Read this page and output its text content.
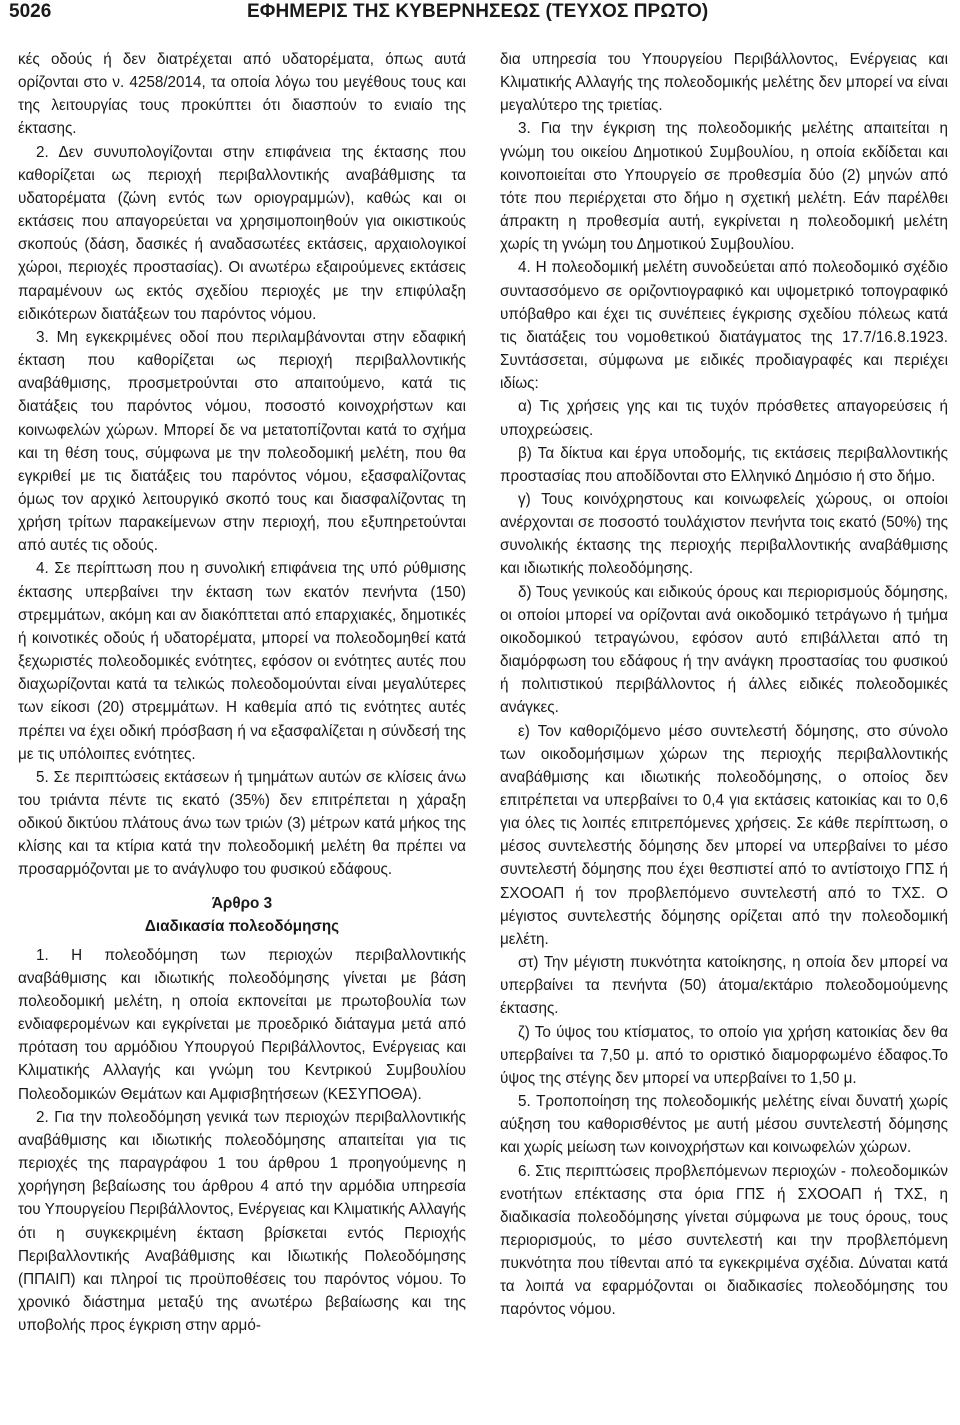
5026	ΕΦΗΜΕΡΙΣ ΤΗΣ ΚΥΒΕΡΝΗΣΕΩΣ (ΤΕΥΧΟΣ ΠΡΩΤΟ)

κές οδούς ή δεν διατρέχεται από υδατορέματα, όπως αυτά ορίζονται στο ν. 4258/2014, τα οποία λόγω του μεγέθους τους και της λειτουργίας τους προκύπτει ότι διασπούν το ενιαίο της έκτασης.

2. Δεν συνυπολογίζονται στην επιφάνεια της έκτασης που καθορίζεται ως περιοχή περιβαλλοντικής αναβάθμισης τα υδατορέματα (ζώνη εντός των οριογραμμών), καθώς και οι εκτάσεις που απαγορεύεται να χρησιμοποιηθούν για οικιστικούς σκοπούς (δάση, δασικές ή αναδασωτέες εκτάσεις, αρχαιολογικοί χώροι, περιοχές προστασίας). Οι ανωτέρω εξαιρούμενες εκτάσεις παραμένουν ως εκτός σχεδίου περιοχές με την επιφύλαξη ειδικότερων διατάξεων του παρόντος νόμου.

3. Μη εγκεκριμένες οδοί που περιλαμβάνονται στην εδαφική έκταση που καθορίζεται ως περιοχή περιβαλλοντικής αναβάθμισης, προσμετρούνται στο απαιτούμενο, κατά τις διατάξεις του παρόντος νόμου, ποσοστό κοινοχρήστων και κοινωφελών χώρων. Μπορεί δε να μετατοπίζονται κατά το σχήμα και τη θέση τους, σύμφωνα με την πολεοδομική μελέτη, που θα εγκριθεί με τις διατάξεις του παρόντος νόμου, εξασφαλίζοντας όμως τον αρχικό λειτουργικό σκοπό τους και διασφαλίζοντας τη χρήση τρίτων παρακείμενων στην περιοχή, που εξυπηρετούνται από αυτές τις οδούς.

4. Σε περίπτωση που η συνολική επιφάνεια της υπό ρύθμισης έκτασης υπερβαίνει την έκταση των εκατόν πενήντα (150) στρεμμάτων, ακόμη και αν διακόπτεται από επαρχιακές, δημοτικές ή κοινοτικές οδούς ή υδατορέματα, μπορεί να πολεοδομηθεί κατά ξεχωριστές πολεοδομικές ενότητες, εφόσον οι ενότητες αυτές που διαχωρίζονται κατά τα τελικώς πολεοδομούνται είναι μεγαλύτερες των είκοσι (20) στρεμμάτων. Η καθεμία από τις ενότητες αυτές πρέπει να έχει οδική πρόσβαση ή να εξασφαλίζεται η σύνδεσή της με τις υπόλοιπες ενότητες.

5. Σε περιπτώσεις εκτάσεων ή τμημάτων αυτών σε κλίσεις άνω του τριάντα πέντε τις εκατό (35%) δεν επιτρέπεται η χάραξη οδικού δικτύου πλάτους άνω των τριών (3) μέτρων κατά μήκος της κλίσης και τα κτίρια κατά την πολεοδομική μελέτη θα πρέπει να προσαρμόζονται με το ανάγλυφο του φυσικού εδάφους.

Άρθρο 3
Διαδικασία πολεοδόμησης

1. Η πολεοδόμηση των περιοχών περιβαλλοντικής αναβάθμισης και ιδιωτικής πολεοδόμησης γίνεται με βάση πολεοδομική μελέτη, η οποία εκπονείται με πρωτοβουλία των ενδιαφερομένων και εγκρίνεται με προεδρικό διάταγμα μετά από πρόταση του αρμόδιου Υπουργού Περιβάλλοντος, Ενέργειας και Κλιματικής Αλλαγής και γνώμη του Κεντρικού Συμβουλίου Πολεοδομικών Θεμάτων και Αμφισβητήσεων (ΚΕΣΥΠΟΘΑ).

2. Για την πολεοδόμηση γενικά των περιοχών περιβαλλοντικής αναβάθμισης και ιδιωτικής πολεοδόμησης απαιτείται για τις περιοχές της παραγράφου 1 του άρθρου 1 προηγούμενης η χορήγηση βεβαίωσης του άρθρου 4 από την αρμόδια υπηρεσία του Υπουργείου Περιβάλλοντος, Ενέργειας και Κλιματικής Αλλαγής ότι η συγκεκριμένη έκταση βρίσκεται εντός Περιοχής Περιβαλλοντικής Αναβάθμισης και Ιδιωτικής Πολεοδόμησης (ΠΠΑΙΠ) και πληροί τις προϋποθέσεις του παρόντος νόμου. Το χρονικό διάστημα μεταξύ της ανωτέρω βεβαίωσης και της υποβολής προς έγκριση στην αρμό-

δια υπηρεσία του Υπουργείου Περιβάλλοντος, Ενέργειας και Κλιματικής Αλλαγής της πολεοδομικής μελέτης δεν μπορεί να είναι μεγαλύτερο της τριετίας.

3. Για την έγκριση της πολεοδομικής μελέτης απαιτείται η γνώμη του οικείου Δημοτικού Συμβουλίου, η οποία εκδίδεται και κοινοποιείται στο Υπουργείο σε προθεσμία δύο (2) μηνών από τότε που περιέρχεται στο δήμο η σχετική μελέτη. Εάν παρέλθει άπρακτη η προθεσμία αυτή, εγκρίνεται η πολεοδομική μελέτη χωρίς τη γνώμη του Δημοτικού Συμβουλίου.

4. Η πολεοδομική μελέτη συνοδεύεται από πολεοδομικό σχέδιο συντασσόμενο σε οριζοντιογραφικό και υψομετρικό τοπογραφικό υπόβαθρο και έχει τις συνέπειες έγκρισης σχεδίου πόλεως κατά τις διατάξεις του νομοθετικού διατάγματος της 17.7/16.8.1923. Συντάσσεται, σύμφωνα με ειδικές προδιαγραφές και περιέχει ιδίως:

α) Τις χρήσεις γης και τις τυχόν πρόσθετες απαγορεύσεις ή υποχρεώσεις.

β) Τα δίκτυα και έργα υποδομής, τις εκτάσεις περιβαλλοντικής προστασίας που αποδίδονται στο Ελληνικό Δημόσιο ή στο δήμο.

γ) Τους κοινόχρηστους και κοινωφελείς χώρους, οι οποίοι ανέρχονται σε ποσοστό τουλάχιστον πενήντα τοις εκατό (50%) της συνολικής έκτασης της περιοχής περιβαλλοντικής αναβάθμισης και ιδιωτικής πολεοδόμησης.

δ) Τους γενικούς και ειδικούς όρους και περιορισμούς δόμησης, οι οποίοι μπορεί να ορίζονται ανά οικοδομικό τετράγωνο ή τμήμα οικοδομικού τετραγώνου, εφόσον αυτό επιβάλλεται από τη διαμόρφωση του εδάφους ή την ανάγκη προστασίας του φυσικού ή πολιτιστικού περιβάλλοντος ή άλλες ειδικές πολεοδομικές ανάγκες.

ε) Τον καθοριζόμενο μέσο συντελεστή δόμησης, στο σύνολο των οικοδομήσιμων χώρων της περιοχής περιβαλλοντικής αναβάθμισης και ιδιωτικής πολεοδόμησης, ο οποίος δεν επιτρέπεται να υπερβαίνει το 0,4 για εκτάσεις κατοικίας και το 0,6 για όλες τις λοιπές επιτρεπόμενες χρήσεις. Σε κάθε περίπτωση, ο μέσος συντελεστής δόμησης δεν μπορεί να υπερβαίνει το μέσο συντελεστή δόμησης που έχει θεσπιστεί από το αντίστοιχο ΓΠΣ ή ΣΧΟΟΑΠ ή τον προβλεπόμενο συντελεστή από το ΤΧΣ. Ο μέγιστος συντελεστής δόμησης ορίζεται από την πολεοδομική μελέτη.

στ) Την μέγιστη πυκνότητα κατοίκησης, η οποία δεν μπορεί να υπερβαίνει τα πενήντα (50) άτομα/εκτάριο πολεοδομούμενης έκτασης.

ζ) Το ύψος του κτίσματος, το οποίο για χρήση κατοικίας δεν θα υπερβαίνει τα 7,50 μ. από το οριστικό διαμορφωμένο έδαφος.Το ύψος της στέγης δεν μπορεί να υπερβαίνει το 1,50 μ.

5. Τροποποίηση της πολεοδομικής μελέτης είναι δυνατή χωρίς αύξηση του καθορισθέντος με αυτή μέσου συντελεστή δόμησης και χωρίς μείωση των κοινοχρήστων και κοινωφελών χώρων.

6. Στις περιπτώσεις προβλεπόμενων περιοχών - πολεοδομικών ενοτήτων επέκτασης στα όρια ΓΠΣ ή ΣΧΟΟΑΠ ή ΤΧΣ, η διαδικασία πολεοδόμησης γίνεται σύμφωνα με τους όρους, τους περιορισμούς, το μέσο συντελεστή και την προβλεπόμενη πυκνότητα που τίθενται από τα εγκεκριμένα σχέδια. Δύναται κατά τα λοιπά να εφαρμόζονται οι διαδικασίες πολεοδόμησης του παρόντος νόμου.
